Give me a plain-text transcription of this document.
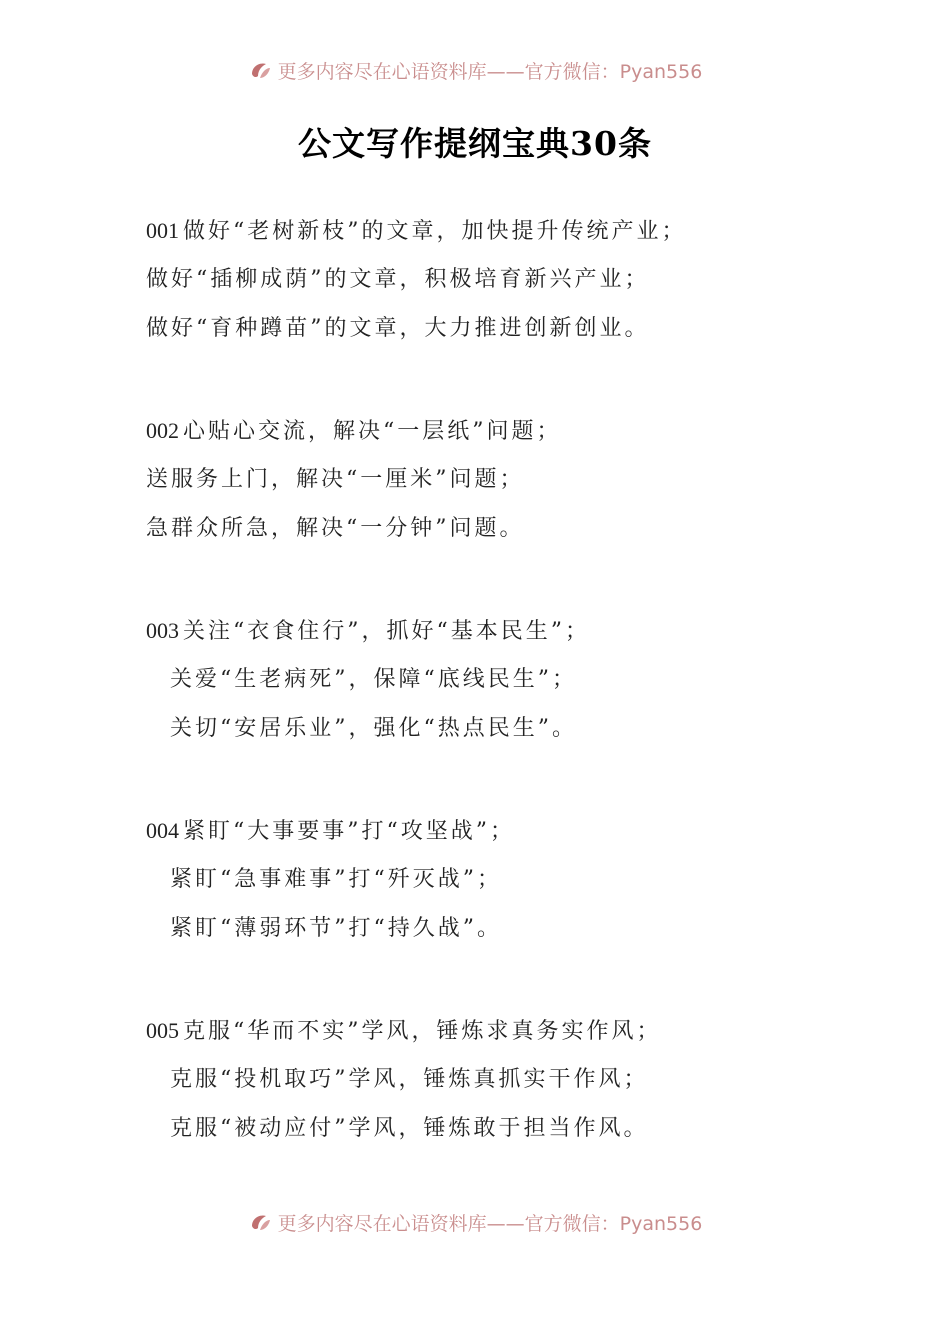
更多内容尽在心语资料库——官方微信：Pyan556
公文写作提纲宝典30条
001 做好“老树新枝”的文章，加快提升传统产业；
做好“插柳成荫”的文章，积极培育新兴产业；
做好“育种蹲苗”的文章，大力推进创新创业。
002 心贴心交流，解决“一层纸”问题；
送服务上门，解决“一厘米”问题；
急群众所急，解决“一分钟”问题。
003 关注“衣食住行”，抓好“基本民生”；
关爱“生老病死”，保障“底线民生”；
关切“安居乐业”，强化“热点民生”。
004 紧盯“大事要事”打“攻坚战”；
紧盯“急事难事”打“歼灭战”；
紧盯“薄弱环节”打“持久战”。
005 克服“华而不实”学风，锤炼求真务实作风；
克服“投机取巧”学风，锤炼真抓实干作风；
克服“被动应付”学风，锤炼敢于担当作风。
更多内容尽在心语资料库——官方微信：Pyan556
